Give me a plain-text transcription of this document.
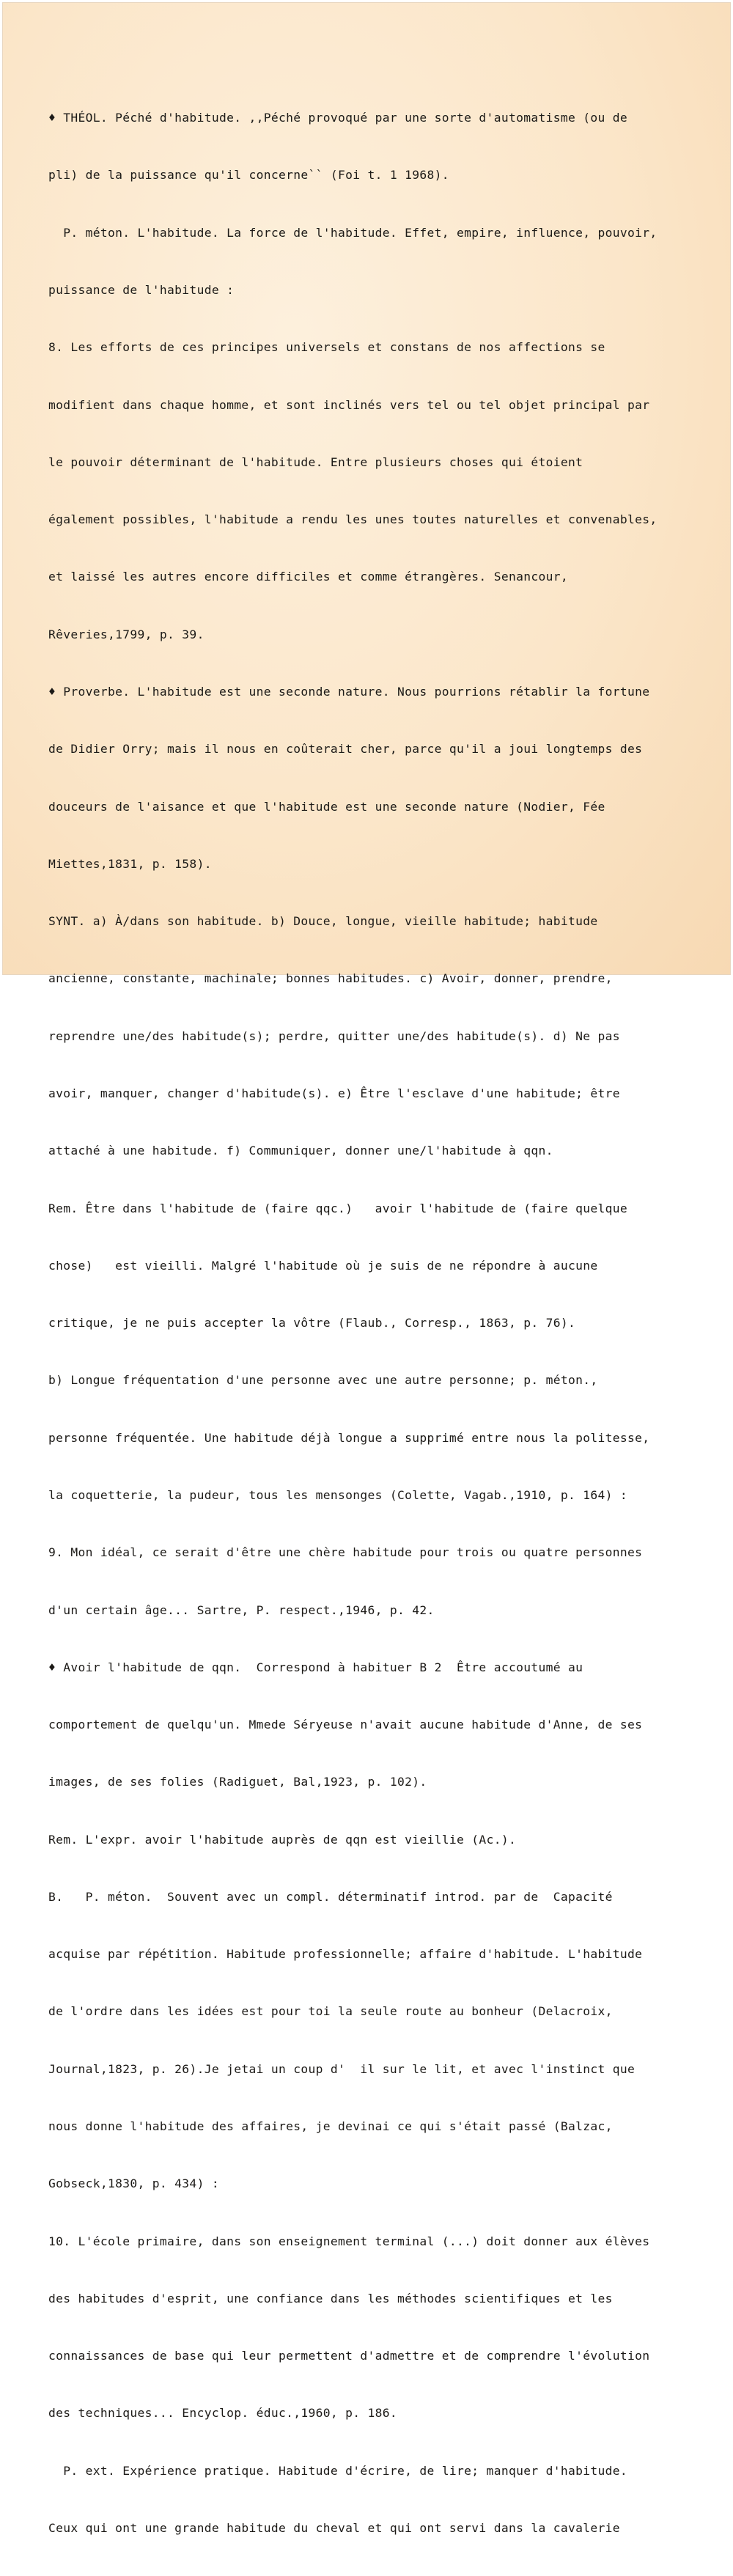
♦ THÉOL. Péché d'habitude. ,,Péché provoqué par une sorte d'automatisme (ou de

pli) de la puissance qu'il concerne`` (Foi t. 1 1968).

P. méton. L'habitude. La force de l'habitude. Effet, empire, influence, pouvoir,

puissance de l'habitude :

8. Les efforts de ces principes universels et constans de nos affections se

modifient dans chaque homme, et sont inclinés vers tel ou tel objet principal par

le pouvoir déterminant de l'habitude. Entre plusieurs choses qui étoient

également possibles, l'habitude a rendu les unes toutes naturelles et convenables,

et laissé les autres encore difficiles et comme étrangères. Senancour,

Rêveries,1799, p. 39.

♦ Proverbe. L'habitude est une seconde nature. Nous pourrions rétablir la fortune

de Didier Orry; mais il nous en coûterait cher, parce qu'il a joui longtemps des

douceurs de l'aisance et que l'habitude est une seconde nature (Nodier, Fée

Miettes,1831, p. 158).

SYNT. a) À/dans son habitude. b) Douce, longue, vieille habitude; habitude

ancienne, constante, machinale; bonnes habitudes. c) Avoir, donner, prendre,

reprendre une/des habitude(s); perdre, quitter une/des habitude(s). d) Ne pas

avoir, manquer, changer d'habitude(s). e) Être l'esclave d'une habitude; être

attaché à une habitude. f) Communiquer, donner une/l'habitude à qqn.

Rem. Être dans l'habitude de (faire qqc.)   avoir l'habitude de (faire quelque

chose)   est vieilli. Malgré l'habitude où je suis de ne répondre à aucune

critique, je ne puis accepter la vôtre (Flaub., Corresp., 1863, p. 76).

b) Longue fréquentation d'une personne avec une autre personne; p. méton.,

personne fréquentée. Une habitude déjà longue a supprimé entre nous la politesse,

la coquetterie, la pudeur, tous les mensonges (Colette, Vagab.,1910, p. 164) :

9. Mon idéal, ce serait d'être une chère habitude pour trois ou quatre personnes

d'un certain âge... Sartre, P. respect.,1946, p. 42.

♦ Avoir l'habitude de qqn.  Correspond à habituer B 2  Être accoutumé au

comportement de quelqu'un. Mmede Séryeuse n'avait aucune habitude d'Anne, de ses

images, de ses folies (Radiguet, Bal,1923, p. 102).

Rem. L'expr. avoir l'habitude auprès de qqn est vieillie (Ac.).

B.   P. méton.  Souvent avec un compl. déterminatif introd. par de  Capacité

acquise par répétition. Habitude professionnelle; affaire d'habitude. L'habitude

de l'ordre dans les idées est pour toi la seule route au bonheur (Delacroix,

Journal,1823, p. 26).Je jetai un coup d'  il sur le lit, et avec l'instinct que

nous donne l'habitude des affaires, je devinai ce qui s'était passé (Balzac,

Gobseck,1830, p. 434) :

10. L'école primaire, dans son enseignement terminal (...) doit donner aux élèves

des habitudes d'esprit, une confiance dans les méthodes scientifiques et les

connaissances de base qui leur permettent d'admettre et de comprendre l'évolution

des techniques... Encyclop. éduc.,1960, p. 186.

P. ext. Expérience pratique. Habitude d'écrire, de lire; manquer d'habitude.

Ceux qui ont une grande habitude du cheval et qui ont servi dans la cavalerie
